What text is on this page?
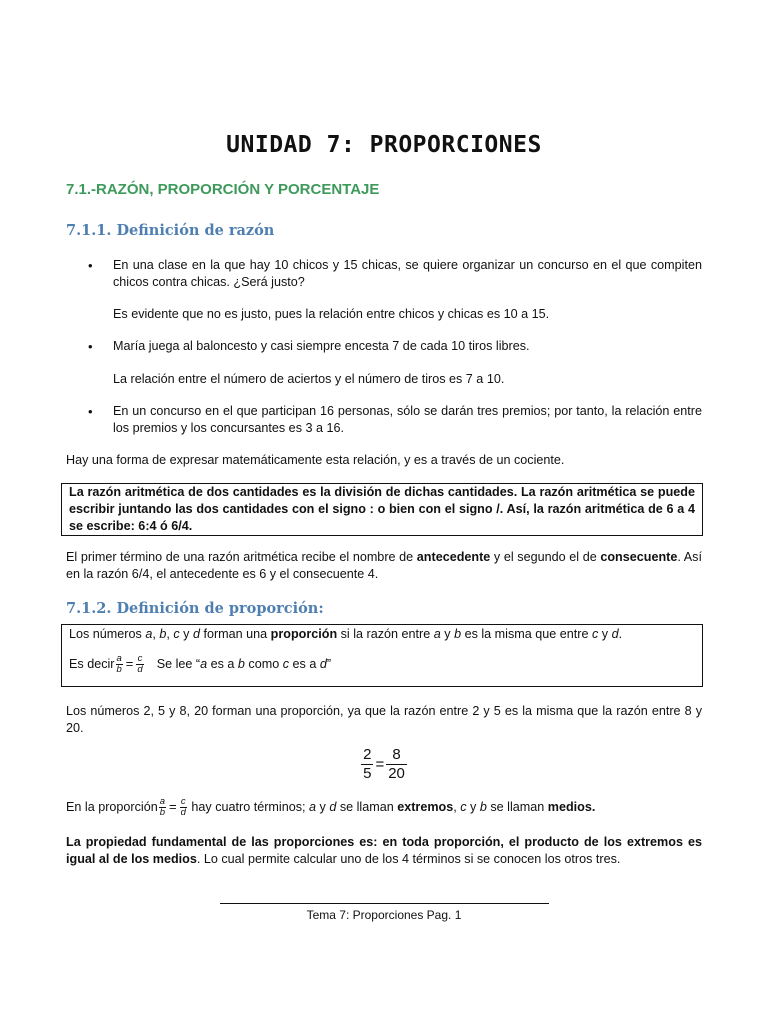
UNIDAD 7: PROPORCIONES
7.1.-RAZÓN, PROPORCIÓN Y PORCENTAJE
7.1.1. Definición de razón
• En una clase en la que hay 10 chicos y 15 chicas, se quiere organizar un concurso en el que compiten chicos contra chicas. ¿Será justo?
Es evidente que no es justo, pues la relación entre chicos y chicas es 10 a 15.
• María juega al baloncesto y casi siempre encesta 7 de cada 10 tiros libres.
La relación entre el número de aciertos y el número de tiros es 7 a 10.
• En un concurso en el que participan 16 personas, sólo se darán tres premios; por tanto, la relación entre los premios y los concursantes es 3 a 16.
Hay una forma de expresar matemáticamente esta relación, y es a través de un cociente.
La razón aritmética de dos cantidades es la división de dichas cantidades. La razón aritmética se puede escribir juntando las dos cantidades con el signo : o bien con el signo /. Así, la razón aritmética de 6 a 4 se escribe: 6:4 ó 6/4.
El primer término de una razón aritmética recibe el nombre de antecedente y el segundo el de consecuente. Así en la razón 6/4, el antecedente es 6 y el consecuente 4.
7.1.2. Definición de proporción:
Los números a, b, c y d forman una proporción si la razón entre a y b es la misma que entre c y d.
Es decir $\frac{a}{b} = \frac{c}{d}$ Se lee “a es a b como c es a d”
Los números 2, 5 y 8, 20 forman una proporción, ya que la razón entre 2 y 5 es la misma que la razón entre 8 y 20.
$\frac{2}{5} = \frac{8}{20}$
En la proporción $\frac{a}{b} = \frac{c}{d}$ hay cuatro términos; a y d se llaman extremos, c y b se llaman medios.
La propiedad fundamental de las proporciones es: en toda proporción, el producto de los extremos es igual al de los medios. Lo cual permite calcular uno de los 4 términos si se conocen los otros tres.
Tema 7: Proporciones Pag. 1
